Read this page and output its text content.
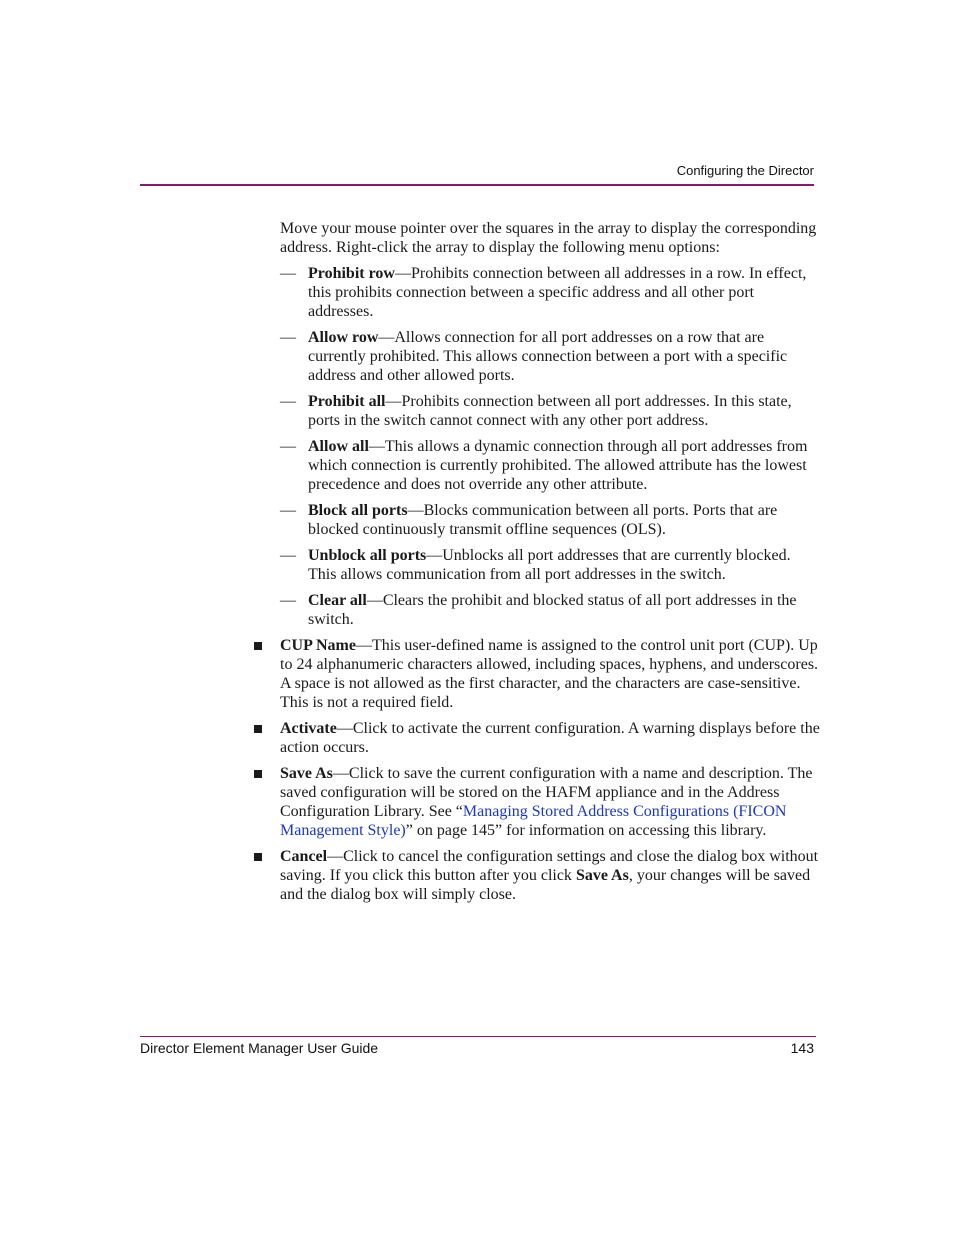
Configuring the Director

Move your mouse pointer over the squares in the array to display the corresponding address. Right-click the array to display the following menu options:

— Prohibit row—Prohibits connection between all addresses in a row. In effect, this prohibits connection between a specific address and all other port addresses.
— Allow row—Allows connection for all port addresses on a row that are currently prohibited. This allows connection between a port with a specific address and other allowed ports.
— Prohibit all—Prohibits connection between all port addresses. In this state, ports in the switch cannot connect with any other port address.
— Allow all—This allows a dynamic connection through all port addresses from which connection is currently prohibited. The allowed attribute has the lowest precedence and does not override any other attribute.
— Block all ports—Blocks communication between all ports. Ports that are blocked continuously transmit offline sequences (OLS).
— Unblock all ports—Unblocks all port addresses that are currently blocked. This allows communication from all port addresses in the switch.
— Clear all—Clears the prohibit and blocked status of all port addresses in the switch.
CUP Name—This user-defined name is assigned to the control unit port (CUP). Up to 24 alphanumeric characters allowed, including spaces, hyphens, and underscores. A space is not allowed as the first character, and the characters are case-sensitive. This is not a required field.
Activate—Click to activate the current configuration. A warning displays before the action occurs.
Save As—Click to save the current configuration with a name and description. The saved configuration will be stored on the HAFM appliance and in the Address Configuration Library. See “Managing Stored Address Configurations (FICON Management Style)” on page 145” for information on accessing this library.
Cancel—Click to cancel the configuration settings and close the dialog box without saving. If you click this button after you click Save As, your changes will be saved and the dialog box will simply close.
Director Element Manager User Guide	143
